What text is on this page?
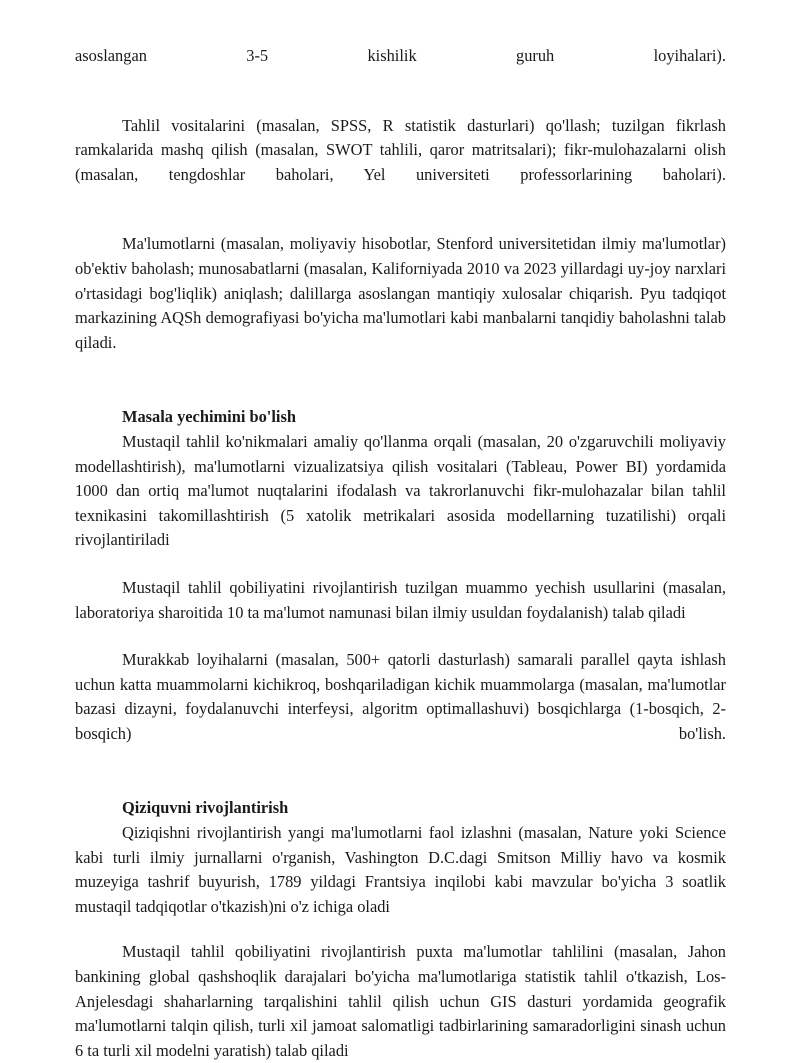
asoslangan	3-5	kishilik	guruh	loyihalari).

Tahlil vositalarini (masalan, SPSS, R statistik dasturlari) qo'llash; tuzilgan fikrlash ramkalarida mashq qilish (masalan, SWOT tahlili, qaror matritsalari); fikr-mulohazalarni olish (masalan, tengdoshlar baholari, Yel universiteti professorlarining baholari).

Ma'lumotlarni (masalan, moliyaviy hisobotlar, Stenford universitetidan ilmiy ma'lumotlar) ob'ektiv baholash; munosabatlarni (masalan, Kaliforniyada 2010 va 2023 yillardagi uy-joy narxlari o'rtasidagi bog'liqlik) aniqlash; dalillarga asoslangan mantiqiy xulosalar chiqarish. Pyu tadqiqot markazining AQSh demografiyasi bo'yicha ma'lumotlari kabi manbalarni tanqidiy baholashni talab qiladi.

Masala yechimini bo'lish

Mustaqil tahlil ko'nikmalari amaliy qo'llanma orqali (masalan, 20 o'zgaruvchili moliyaviy modellashtirish), ma'lumotlarni vizualizatsiya qilish vositalari (Tableau, Power BI) yordamida 1000 dan ortiq ma'lumot nuqtalarini ifodalash va takrorlanuvchi fikr-mulohazalar bilan tahlil texnikasini takomillashtirish (5 xatolik metrikalari asosida modellarning tuzatilishi) orqali rivojlantiriladi

Mustaqil tahlil qobiliyatini rivojlantirish tuzilgan muammo yechish usullarini (masalan, laboratoriya sharoitida 10 ta ma'lumot namunasi bilan ilmiy usuldan foydalanish) talab qiladi

Murakkab loyihalarni (masalan, 500+ qatorli dasturlash) samarali parallel qayta ishlash uchun katta muammolarni kichikroq, boshqariladigan kichik muammolarga (masalan, ma'lumotlar bazasi dizayni, foydalanuvchi interfeysi, algoritm optimallashuvi) bosqichlarga (1-bosqich, 2-bosqich) bo'lish.

Qiziquvni rivojlantirish

Qiziqishni rivojlantirish yangi ma'lumotlarni faol izlashni (masalan, Nature yoki Science kabi turli ilmiy jurnallarni o'rganish, Vashington D.C.dagi Smitson Milliy havo va kosmik muzeyiga tashrif buyurish, 1789 yildagi Frantsiya inqilobi kabi mavzular bo'yicha 3 soatlik mustaqil tadqiqotlar o'tkazish)ni o'z ichiga oladi

Mustaqil tahlil qobiliyatini rivojlantirish puxta ma'lumotlar tahlilini (masalan, Jahon bankining global qashshoqlik darajalari bo'yicha ma'lumotlariga statistik tahlil o'tkazish, Los-Anjelesdagi shaharlarning tarqalishini tahlil qilish uchun GIS dasturi yordamida geografik ma'lumotlarni talqin qilish, turli xil jamoat salomatligi tadbirlarining samaradorligini sinash uchun 6 ta turli xil modelni yaratish) talab qiladi
